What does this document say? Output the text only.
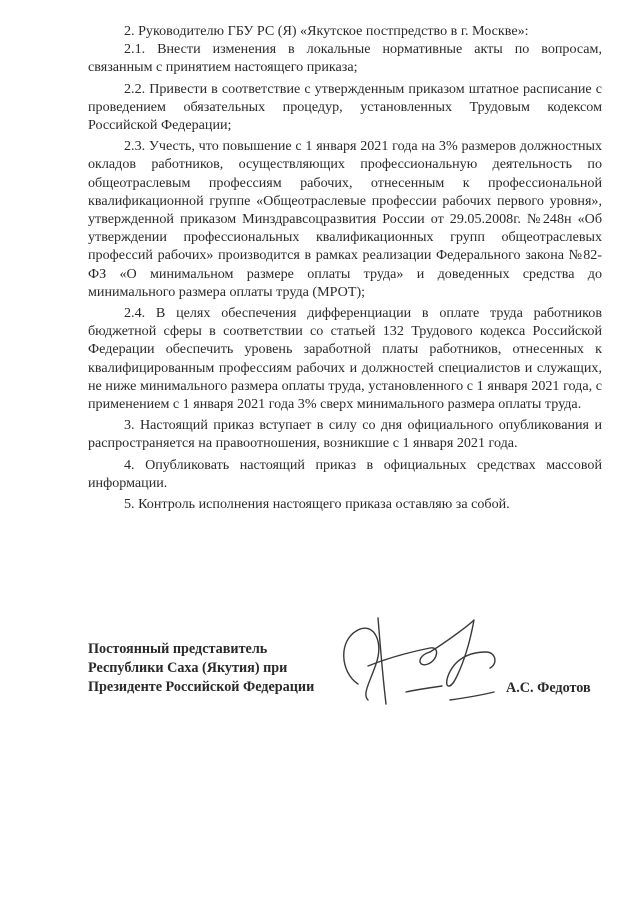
2. Руководителю ГБУ РС (Я) «Якутское постпредство в г. Москве»:

2.1. Внести изменения в локальные нормативные акты по вопросам, связанным с принятием настоящего приказа;

2.2. Привести в соответствие с утвержденным приказом штатное расписание с проведением обязательных процедур, установленных Трудовым кодексом Российской Федерации;

2.3. Учесть, что повышение с 1 января 2021 года на 3% размеров должностных окладов работников, осуществляющих профессиональную деятельность по общеотраслевым профессиям рабочих, отнесенным к профессиональной квалификационной группе «Общеотраслевые профессии рабочих первого уровня», утвержденной приказом Минздравсоцразвития России от 29.05.2008г. №248н «Об утверждении профессиональных квалификационных групп общеотраслевых профессий рабочих» производится в рамках реализации Федерального закона №82-ФЗ «О минимальном размере оплаты труда» и доведенных средства до минимального размера оплаты труда (МРОТ);

2.4. В целях обеспечения дифференциации в оплате труда работников бюджетной сферы в соответствии со статьей 132 Трудового кодекса Российской Федерации обеспечить уровень заработной платы работников, отнесенных к квалифицированным профессиям рабочих и должностей специалистов и служащих, не ниже минимального размера оплаты труда, установленного с 1 января 2021 года, с применением с 1 января 2021 года 3% сверх минимального размера оплаты труда.

3. Настоящий приказ вступает в силу со дня официального опубликования и распространяется на правоотношения, возникшие с 1 января 2021 года.

4. Опубликовать настоящий приказ в официальных средствах массовой информации.

5. Контроль исполнения настоящего приказа оставляю за собой.

Постоянный представитель
Республики Саха (Якутия) при
Президенте Российской Федерации	А.С. Федотов
